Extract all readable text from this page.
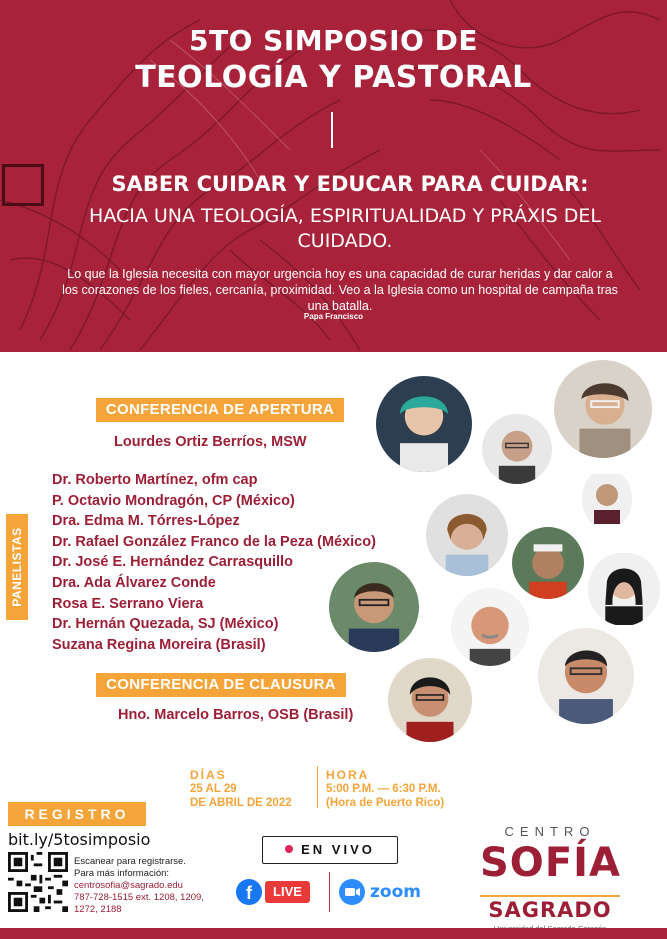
5TO SIMPOSIO DE
TEOLOGÍA Y PASTORAL
SABER CUIDAR Y EDUCAR PARA CUIDAR:
HACIA UNA TEOLOGÍA, ESPIRITUALIDAD Y PRÁXIS DEL CUIDADO.
Lo que la Iglesia necesita con mayor urgencia hoy es una capacidad de curar heridas y dar calor a los corazones de los fieles, cercanía, proximidad. Veo a la Iglesia como un hospital de campaña tras una batalla.
Papa Francisco
CONFERENCIA DE APERTURA
Lourdes Ortiz Berríos, MSW
PANELISTAS
Dr. Roberto Martínez, ofm cap
P. Octavio Mondragón, CP (México)
Dra. Edma M. Tórres-López
Dr. Rafael González Franco de la Peza (México)
Dr. José E. Hernández Carrasquillo
Dra. Ada Álvarez Conde
Rosa E. Serrano Viera
Dr. Hernán Quezada, SJ (México)
Suzana Regina Moreira (Brasil)
CONFERENCIA DE CLAUSURA
Hno. Marcelo Barros, OSB (Brasil)
DÍAS
25 AL 29
DE ABRIL DE 2022
HORA
5:00 P.M. — 6:30 P.M.
(Hora de Puerto Rico)
REGISTRO
bit.ly/5tosimposio
Escanear para registrarse.
Para más información:
centrosofia@sagrado.edu
787-728-1515 ext. 1208, 1209,
1272, 2188
EN VIVO
f	LIVE	zoom
CENTRO
SOFÍA
SAGRADO
